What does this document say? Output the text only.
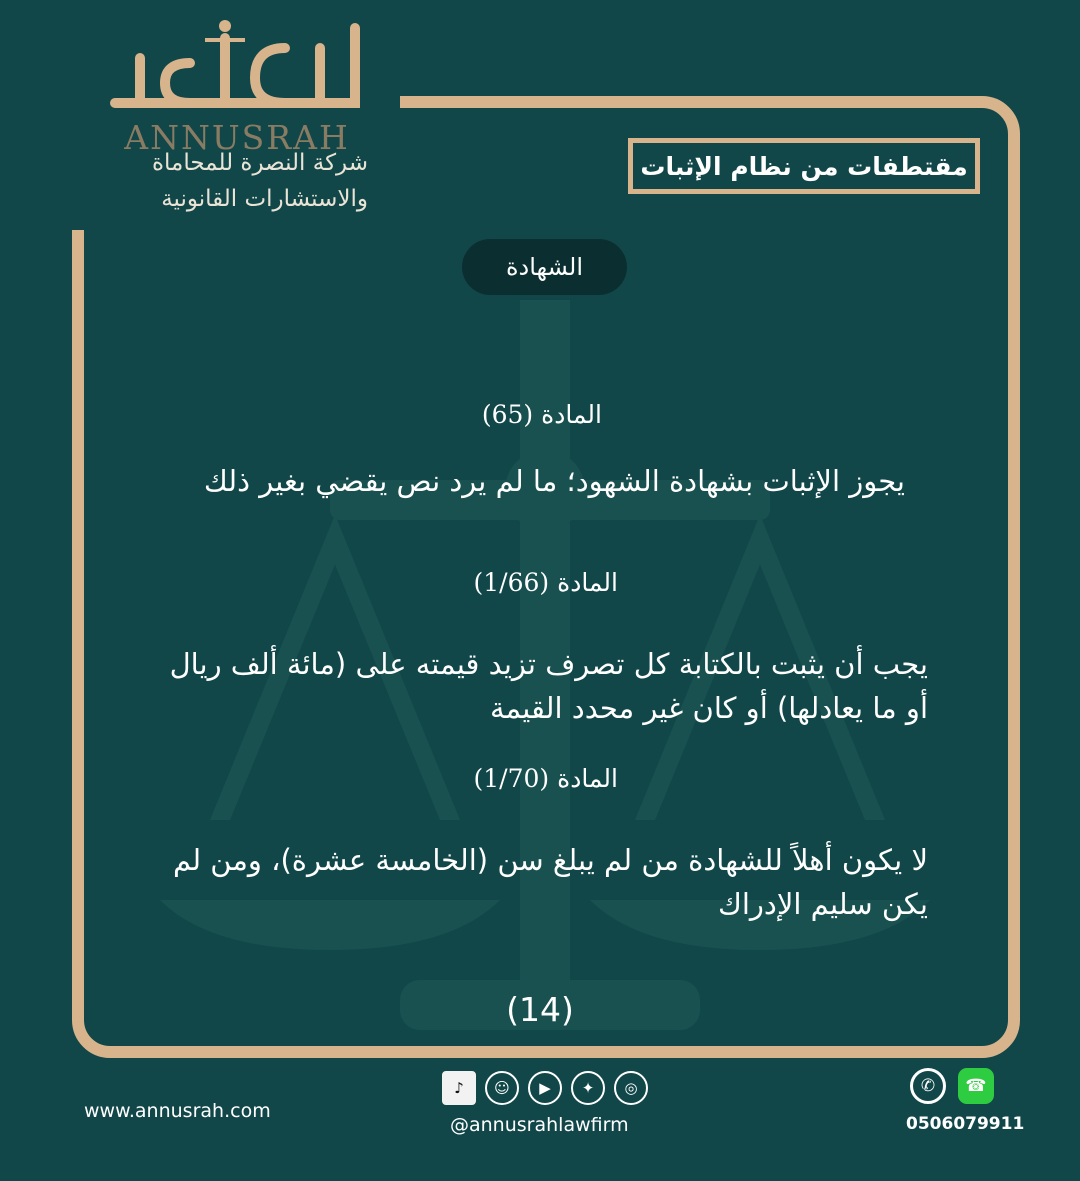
ANNUSRAH
شركة النصرة للمحاماة
والاستشارات القانونية
مقتطفات من نظام الإثبات
الشهادة
المادة (65)
يجوز الإثبات بشهادة الشهود؛ ما لم يرد نص يقضي بغير ذلك
المادة (1/66)
يجب أن يثبت بالكتابة كل تصرف تزيد قيمته على (مائة ألف ريال أو ما يعادلها) أو كان غير محدد القيمة
المادة (1/70)
لا يكون أهلاً للشهادة من لم يبلغ سن (الخامسة عشرة)، ومن لم يكن سليم الإدراك
(14)
www.annusrah.com
♪	☺	▶	✦	◎
@annusrahlawfirm
✆	☎
0506079911
